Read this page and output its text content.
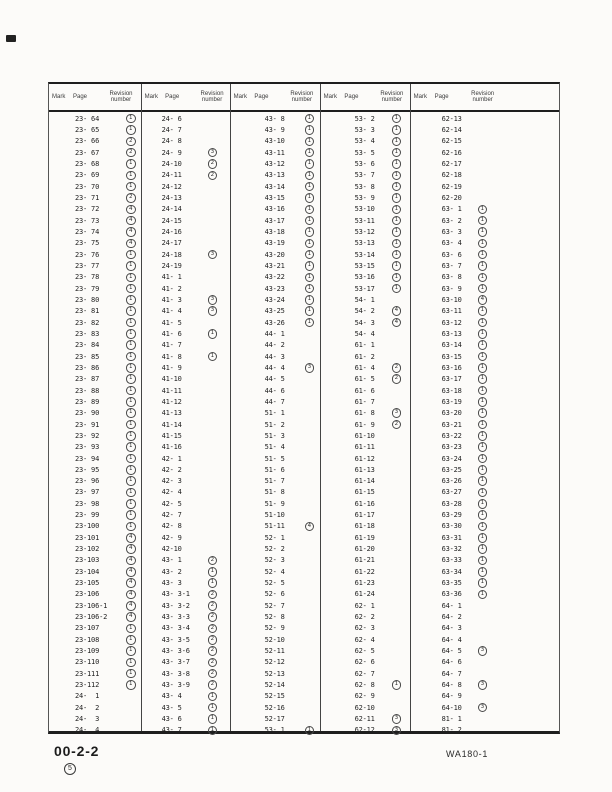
Mark	Page
Revision
number
23- 64	1
23- 65	1
23- 66	2
23- 67	2
23- 68	1
23- 69	1
23- 70	1
23- 71	2
23- 72	4
23- 73	4
23- 74	4
23- 75	4
23- 76	1
23- 77	1
23- 78	1
23- 79	1
23- 80	1
23- 81	1
23- 82	1
23- 83	1
23- 84	1
23- 85	1
23- 86	1
23- 87	1
23- 88	1
23- 89	1
23- 90	1
23- 91	1
23- 92	1
23- 93	1
23- 94	1
23- 95	1
23- 96	1
23- 97	1
23- 98	1
23- 99	1
23-100	1
23-101	4
23-102	4
23-103	4
23-104	4
23-105	4
23-106	4
23-106-1	4
23-106-2	4
23-107	1
23-108	1
23-109	1
23-110	1
23-111	1
23-112	1
24-  1
24-  2
24-  3
24-  4
Mark	Page
Revision
number
24- 6
24- 7
24- 8
24- 9	3
24-10	2
24-11	2
24-12
24-13
24-14
24-15
24-16
24-17
24-18	3
24-19
41- 1
41- 2
41- 3	3
41- 4	3
41- 5
41- 6	1
41- 7
41- 8	1
41- 9
41-10
41-11
41-12
41-13
41-14
41-15
41-16
42- 1
42- 2
42- 3
42- 4
42- 5
42- 7
42- 8
42- 9
42-10
43- 1	2
43- 2	1
43- 3	1
43- 3-1	2
43- 3-2	2
43- 3-3	2
43- 3-4	2
43- 3-5	2
43- 3-6	2
43- 3-7	2
43- 3-8	2
43- 3-9	2
43- 4	1
43- 5	1
43- 6	1
43- 7	1
Mark	Page
Revision
number
43- 8	1
43- 9	1
43-10	1
43-11	1
43-12	1
43-13	1
43-14	1
43-15	1
43-16	1
43-17	1
43-18	1
43-19	1
43-20	1
43-21	1
43-22	1
43-23	1
43-24	1
43-25	1
43-26	1
44- 1
44- 2
44- 3
44- 4	3
44- 5
44- 6
44- 7
51- 1
51- 2
51- 3
51- 4
51- 5
51- 6
51- 7
51- 8
51- 9
51-10
51-11	4
52- 1
52- 2
52- 3
52- 4
52- 5
52- 6
52- 7
52- 8
52- 9
52-10
52-11
52-12
52-13
52-14
52-15
52-16
52-17
53- 1	1
Mark	Page
Revision
number
53- 2	1
53- 3	1
53- 4	1
53- 5	1
53- 6	1
53- 7	1
53- 8	1
53- 9	1
53-10	1
53-11	1
53-12	1
53-13	1
53-14	1
53-15	1
53-16	1
53-17	1
54- 1
54- 2	4
54- 3	4
54- 4
61- 1
61- 2
61- 4	2
61- 5	2
61- 6
61- 7
61- 8	3
61- 9	2
61-10
61-11
61-12
61-13
61-14
61-15
61-16
61-17
61-18
61-19
61-20
61-21
61-22
61-23
61-24
62- 1
62- 2
62- 3
62- 4
62- 5
62- 6
62- 7
62- 8	1
62- 9
62-10
62-11	3
62-12	3
Mark	Page
Revision
number
62-13
62-14
62-15
62-16
62-17
62-18
62-19
62-20
63- 1	1
63- 2	1
63- 3	1
63- 4	1
63- 6	1
63- 7	1
63- 8	1
63- 9	1
63-10	4
63-11	1
63-12	1
63-13	1
63-14	1
63-15	1
63-16	1
63-17	1
63-18	1
63-19	1
63-20	1
63-21	1
63-22	1
63-23	1
63-24	1
63-25	1
63-26	1
63-27	1
63-28	1
63-29	1
63-30	1
63-31	1
63-32	1
63-33	1
63-34	1
63-35	1
63-36	1
64- 1
64- 2
64- 3
64- 4
64- 5	3
64- 6
64- 7
64- 8	3
64- 9
64-10	3
81- 1
81- 2
00-2-2
5
WA180-1
